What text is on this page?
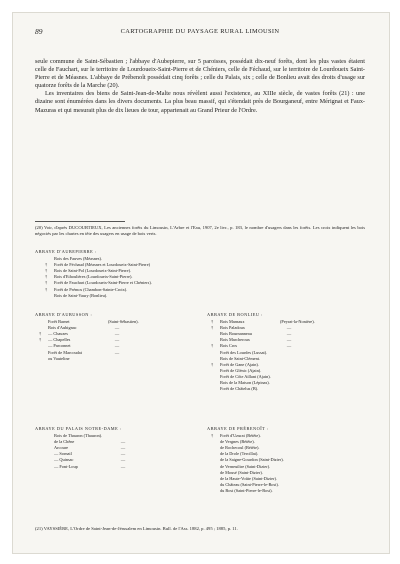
89	CARTOGRAPHIE DU PAYSAGE RURAL LIMOUSIN

seule commune de Saint-Sébastien ; l'abbaye d'Aubepierre, sur 5 paroisses, possédait dix-neuf forêts, dont les plus vastes étaient celle de Fauchart, sur le territoire de Lourdoueix-Saint-Pierre et de Chéniers, celle de Féchaud, sur le territoire de Lourdoueix Saint-Pierre et de Méasnes. L'abbaye de Prébenoît possédait cinq forêts ; celle du Palais, six ; celle de Bonlieu avait des droits d'usage sur quatorze forêts de la Marche (20).

Les inventaires des biens de Saint-Jean-de-Malte nous révèlent aussi l'existence, au XIIIe siècle, de vastes forêts (21) : une dizaine sont énumérées dans les divers documents. La plus beau massif, qui s'étendait près de Bourganeuf, entre Mérignat et Faux-Mazuras et qui mesurait plus de dix lieues de tour, appartenait au Grand Prieur de l'Ordre.

(20) Voir, d'après DUCOURTIEUX, Les anciennes forêts du Limousin, L'Arbre et l'Eau, 1907, 2e livr., p. 183, le nombre d'usagers dans les forêts. Les croix indiquent les bois négociés par les chartes en tête des usagers en usage de bois verts.
ABBAYE D'AUBEPIERRE :
Bois des Fauves (Méasnes).
†	Forêt de Féchaud (Méasnes et Lourdoueix-Saint-Pierre)
†	Bois de Saint-Pol (Lourdoueix-Saint-Pierre).
†	Bois d'Ethoulières (Lourdoueix-Saint-Pierre).
†	Forêt de Fauchart (Lourdoueix-Saint-Pierre et Chéniers).
†	Forêt de Prémos (Chambon-Sainte-Croix).
Bois de Saint-Vaury (Bonlieu).
ABBAYE D'AUBUSSON :
Forêt Barnet	(Saint-Sébastien).
Bois d'Aubignac	—
†	— Chauzes	—
†	— Chapelles	—
— Parconnet	—
Forêt de Marcoudat	—
ou Vauteline
ABBAYE DE BONLIEU :
†	Bois Marnaux	(Peyrat-la-Nonière).
†	Bois Paladoux	—
Bois Bournanneau	—
Bois Marcheroux	—
†	Bois Cros	—
Forêt des Lourdes (Lussat).
Bois de Saint-Clément.
†	Forêt de Gane (Ajain).
Forêt de Glénic (Ajain).
Forêt de Côte Aillant (Ajain).
Bois de la Maison (Lépinas).
Forêt de Châtelus (B).
ABBAYE DU PALAIS NOTRE-DAME :
Bois de Thauron (Thauron).
de la Chêne	—
Arcoure	—
— Sornail	—
— Quinsac	—
— Font-Loup	—
ABBAYE DE PRÉBENOÎT :
†	Forêt d'Uzurat (Bétête).
de Vergnes (Bétête).
de Rochecoul (Bétête).
de la Drole (Tercillat).
de la Saigne-Gourdon (Saint-Dizier).
de Verneuiltre (Saint-Dizier).
de Mousé (Saint-Dizier).
de la Haute-Voûte (Saint-Dizier).
du Château (Saint-Pierre-le-Bost).
du Bost (Saint-Pierre-le-Bost).
(21) VAYSSIÈRE, L'Ordre de Saint-Jean-de-Jérusalem en Limousin. Bull. de l'Ass. 1882, p. 495 ; 1885, p. 11.
